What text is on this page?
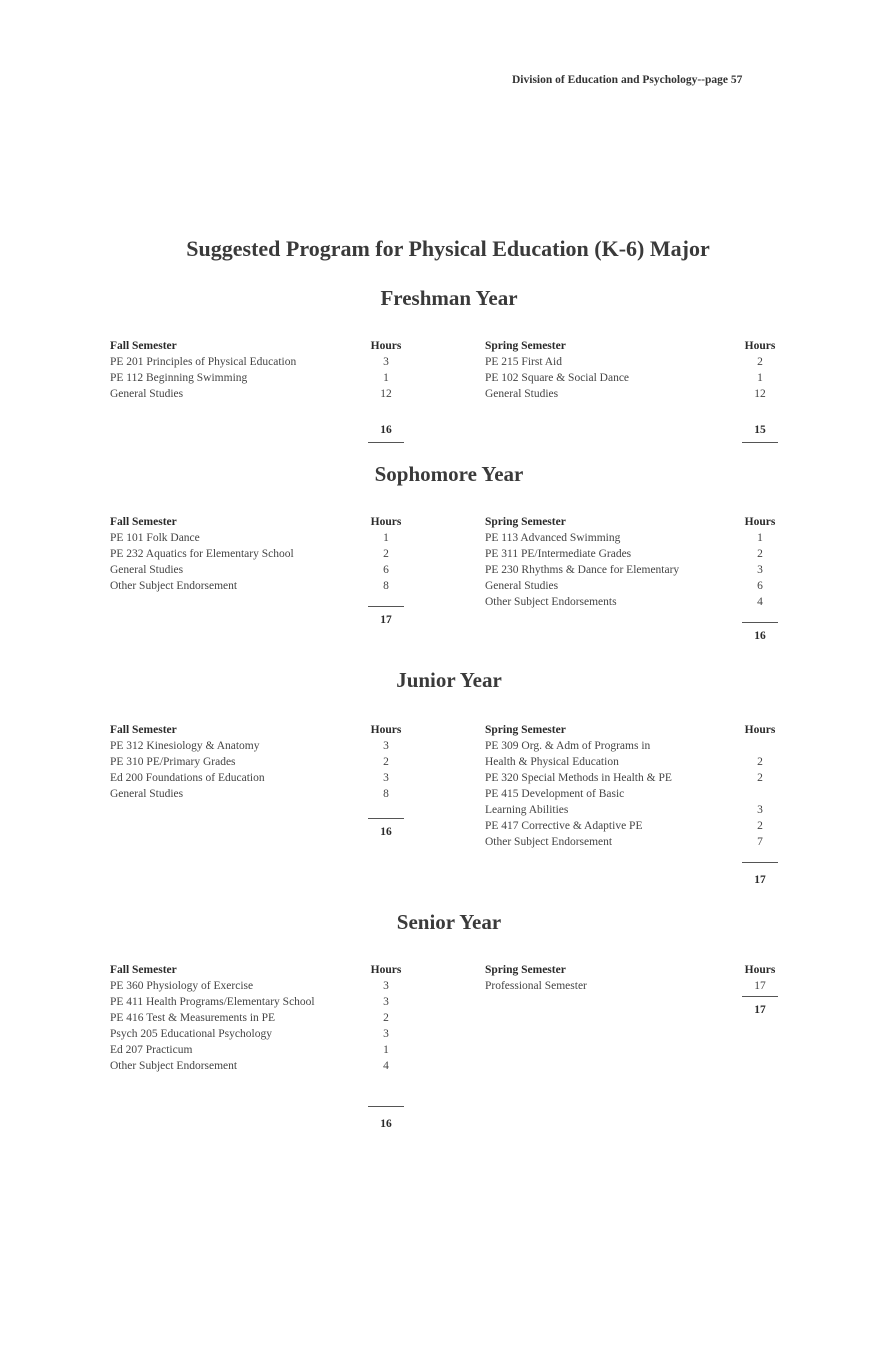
Division of Education and Psychology--page 57
Suggested Program for Physical Education (K-6) Major
Freshman Year
Fall Semester	Hours
PE 201 Principles of Physical Education	3
PE 112 Beginning Swimming	1
General Studies	12
16
Spring Semester	Hours
PE 215 First Aid	2
PE 102 Square & Social Dance	1
General Studies	12
15
Sophomore Year
Fall Semester	Hours
PE 101 Folk Dance	1
PE 232 Aquatics for Elementary School	2
General Studies	6
Other Subject Endorsement	8
17
Spring Semester	Hours
PE 113 Advanced Swimming	1
PE 311 PE/Intermediate Grades	2
PE 230 Rhythms & Dance for Elementary	3
General Studies	6
Other Subject Endorsements	4
16
Junior Year
Fall Semester	Hours
PE 312 Kinesiology & Anatomy	3
PE 310 PE/Primary Grades	2
Ed 200 Foundations of Education	3
General Studies	8
16
Spring Semester	Hours
PE 309 Org. & Adm of Programs in
Health & Physical Education	2
PE 320 Special Methods in Health & PE	2
PE 415 Development of Basic
Learning Abilities	3
PE 417 Corrective & Adaptive PE	2
Other Subject Endorsement	7
17
Senior Year
Fall Semester	Hours
PE 360 Physiology of Exercise	3
PE 411 Health Programs/Elementary School	3
PE 416 Test & Measurements in PE	2
Psych 205 Educational Psychology	3
Ed 207 Practicum	1
Other Subject Endorsement	4
16
Spring Semester	Hours
Professional Semester	17
17
